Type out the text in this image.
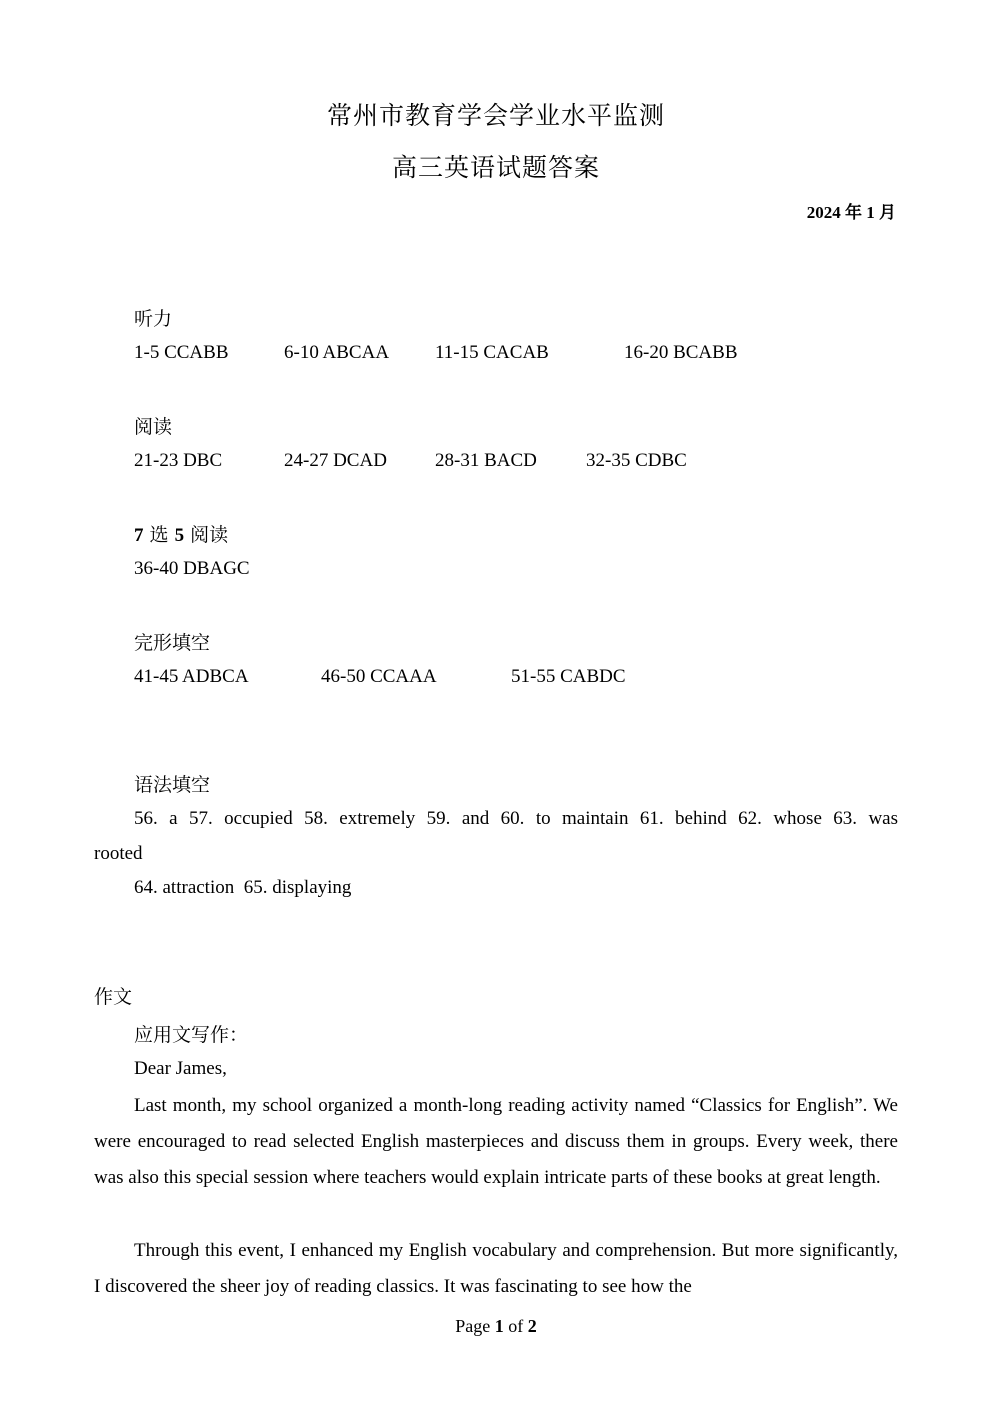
常州市教育学会学业水平监测
高三英语试题答案
2024 年 1 月
听力
1-5 CCABB	6-10 ABCAA 11-15 CACAB	16-20 BCABB
阅读
21-23 DBC	24-27 DCAD	28-31 BACD	32-35 CDBC
7 选 5 阅读
36-40 DBAGC
完形填空
41-45 ADBCA	46-50 CCAAA	51-55 CABDC
语法填空
56. a 57. occupied 58. extremely 59. and 60. to maintain 61. behind 62. whose 63. was
rooted
64. attraction  65. displaying
作文
应用文写作：
Dear James,

Last month, my school organized a month-long reading activity named “Classics for English”. We were encouraged to read selected English masterpieces and discuss them in groups. Every week, there was also this special session where teachers would explain intricate parts of these books at great length.

Through this event, I enhanced my English vocabulary and comprehension. But more significantly, I discovered the sheer joy of reading classics. It was fascinating to see how the

Page 1 of 2
